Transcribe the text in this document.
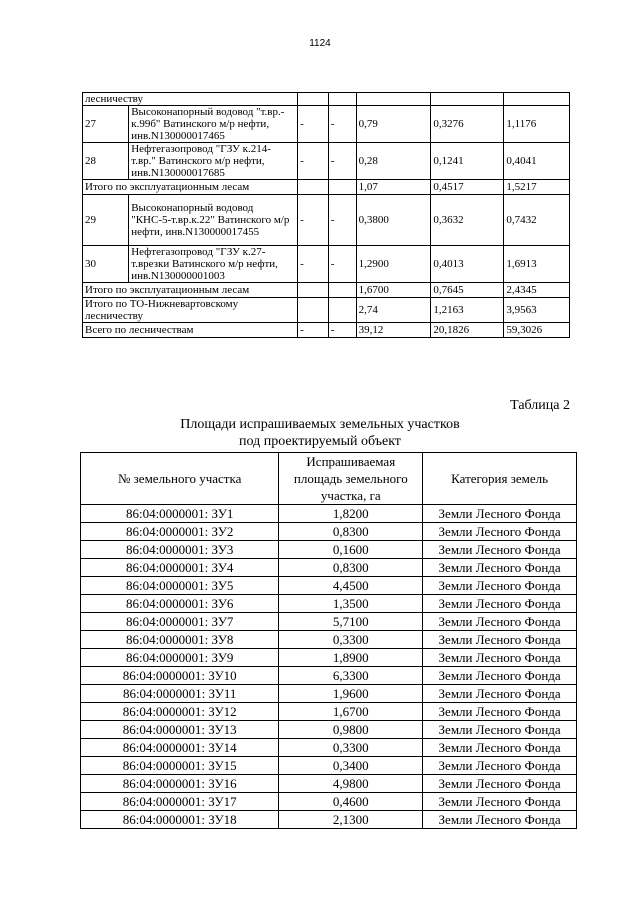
1124
лесничеству						
27	Высоконапорный водовод "т.вр.-к.99б" Ватинского м/р нефти, инв.N130000017465	-	-	0,79	0,3276	1,1176
28	Нефтегазопровод "ГЗУ к.214-т.вр." Ватинского м/р нефти, инв.N130000017685	-	-	0,28	0,1241	0,4041
Итого по эксплуатационным лесам				1,07	0,4517	1,5217
29	Высоконапорный водовод "КНС-5-т.вр.к.22" Ватинского м/р нефти, инв.N130000017455	-	-	0,3800	0,3632	0,7432
30	Нефтегазопровод "ГЗУ к.27-т.врезки Ватинского м/р нефти, инв.N130000001003	-	-	1,2900	0,4013	1,6913
Итого по эксплуатационным лесам				1,6700	0,7645	2,4345
Итого по ТО-Нижневартовскому лесничеству				2,74	1,2163	3,9563
Всего по лесничествам		-	-	39,12	20,1826	59,3026
Таблица 2
Площади испрашиваемых земельных участков
под проектируемый объект
№ земельного участка	Испрашиваемая площадь земельного участка, га	Категория земель
86:04:0000001: ЗУ1	1,8200	Земли Лесного Фонда
86:04:0000001: ЗУ2	0,8300	Земли Лесного Фонда
86:04:0000001: ЗУ3	0,1600	Земли Лесного Фонда
86:04:0000001: ЗУ4	0,8300	Земли Лесного Фонда
86:04:0000001: ЗУ5	4,4500	Земли Лесного Фонда
86:04:0000001: ЗУ6	1,3500	Земли Лесного Фонда
86:04:0000001: ЗУ7	5,7100	Земли Лесного Фонда
86:04:0000001: ЗУ8	0,3300	Земли Лесного Фонда
86:04:0000001: ЗУ9	1,8900	Земли Лесного Фонда
86:04:0000001: ЗУ10	6,3300	Земли Лесного Фонда
86:04:0000001: ЗУ11	1,9600	Земли Лесного Фонда
86:04:0000001: ЗУ12	1,6700	Земли Лесного Фонда
86:04:0000001: ЗУ13	0,9800	Земли Лесного Фонда
86:04:0000001: ЗУ14	0,3300	Земли Лесного Фонда
86:04:0000001: ЗУ15	0,3400	Земли Лесного Фонда
86:04:0000001: ЗУ16	4,9800	Земли Лесного Фонда
86:04:0000001: ЗУ17	0,4600	Земли Лесного Фонда
86:04:0000001: ЗУ18	2,1300	Земли Лесного Фонда
